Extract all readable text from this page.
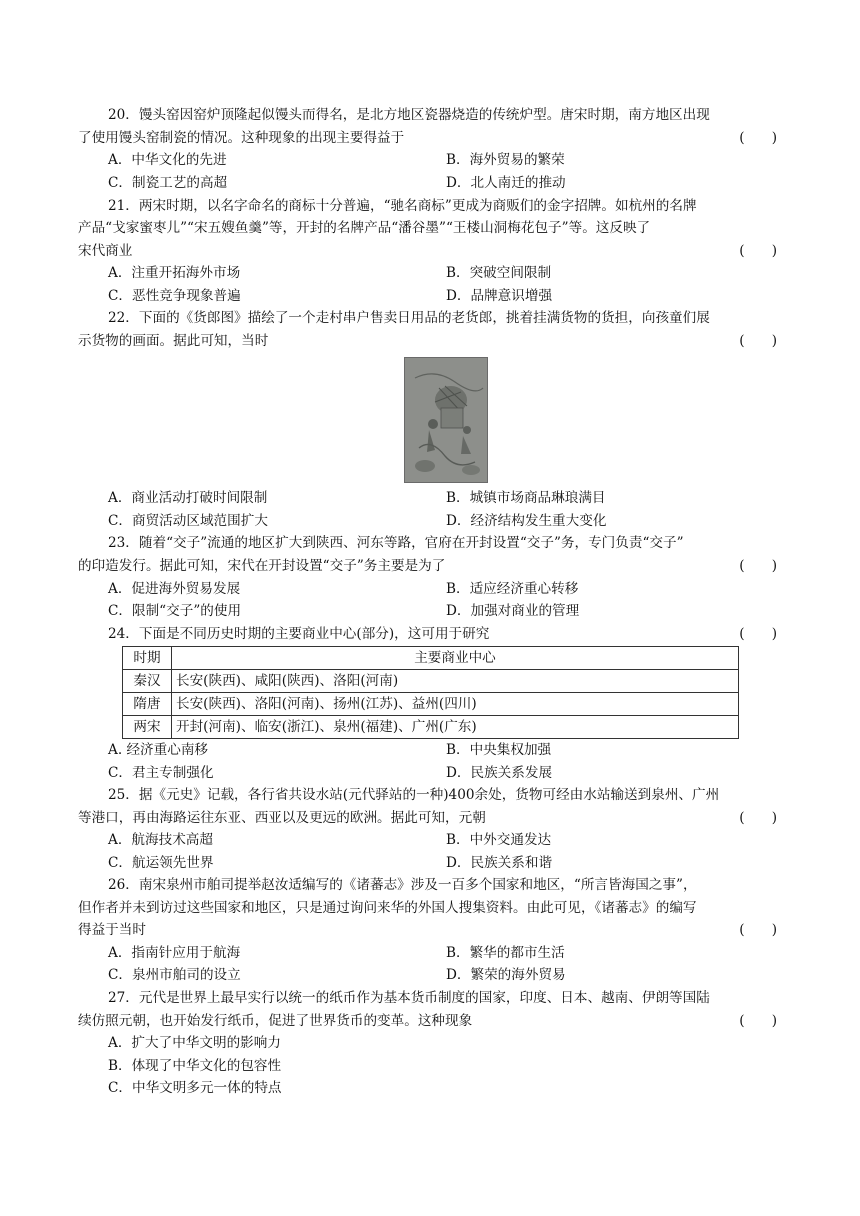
20．馒头窑因窑炉顶隆起似馒头而得名，是北方地区瓷器烧造的传统炉型。唐宋时期，南方地区出现
了使用馒头窑制瓷的情况。这种现象的出现主要得益于	(　　)
A．中华文化的先进	B．海外贸易的繁荣
C．制瓷工艺的高超	D．北人南迁的推动
21．两宋时期，以名字命名的商标十分普遍，“驰名商标”更成为商贩们的金字招牌。如杭州的名牌
产品“戈家蜜枣儿”“宋五嫂鱼羹”等，开封的名牌产品“潘谷墨”“王楼山洞梅花包子”等。这反映了
宋代商业	(　　)
A．注重开拓海外市场	B．突破空间限制
C．恶性竞争现象普遍	D．品牌意识增强
22．下面的《货郎图》描绘了一个走村串户售卖日用品的老货郎，挑着挂满货物的货担，向孩童们展
示货物的画面。据此可知，当时	(　　)
A．商业活动打破时间限制	B．城镇市场商品琳琅满目
C．商贸活动区域范围扩大	D．经济结构发生重大变化
23．随着“交子”流通的地区扩大到陕西、河东等路，官府在开封设置“交子”务，专门负责“交子”
的印造发行。据此可知，宋代在开封设置“交子”务主要是为了	(　　)
A．促进海外贸易发展	B．适应经济重心转移
C．限制“交子”的使用	D．加强对商业的管理
24．下面是不同历史时期的主要商业中心(部分)，这可用于研究	(　　)
时期	主要商业中心
秦汉	长安(陕西)、咸阳(陕西)、洛阳(河南)
隋唐	长安(陕西)、洛阳(河南)、扬州(江苏)、益州(四川)
两宋	开封(河南)、临安(浙江)、泉州(福建)、广州(广东)
A. 经济重心南移	B．中央集权加强
C．君主专制强化	D．民族关系发展
25．据《元史》记载，各行省共设水站(元代驿站的一种)400余处，货物可经由水站输送到泉州、广州
等港口，再由海路运往东亚、西亚以及更远的欧洲。据此可知，元朝	(　　)
A．航海技术高超	B．中外交通发达
C．航运领先世界	D．民族关系和谐
26．南宋泉州市舶司提举赵汝适编写的《诸蕃志》涉及一百多个国家和地区，“所言皆海国之事”，
但作者并未到访过这些国家和地区，只是通过询问来华的外国人搜集资料。由此可见，《诸蕃志》的编写
得益于当时	(　　)
A．指南针应用于航海	B．繁华的都市生活
C．泉州市舶司的设立	D．繁荣的海外贸易
27．元代是世界上最早实行以统一的纸币作为基本货币制度的国家，印度、日本、越南、伊朗等国陆
续仿照元朝，也开始发行纸币，促进了世界货币的变革。这种现象	(　　)
A．扩大了中华文明的影响力
B．体现了中华文化的包容性
C．中华文明多元一体的特点
